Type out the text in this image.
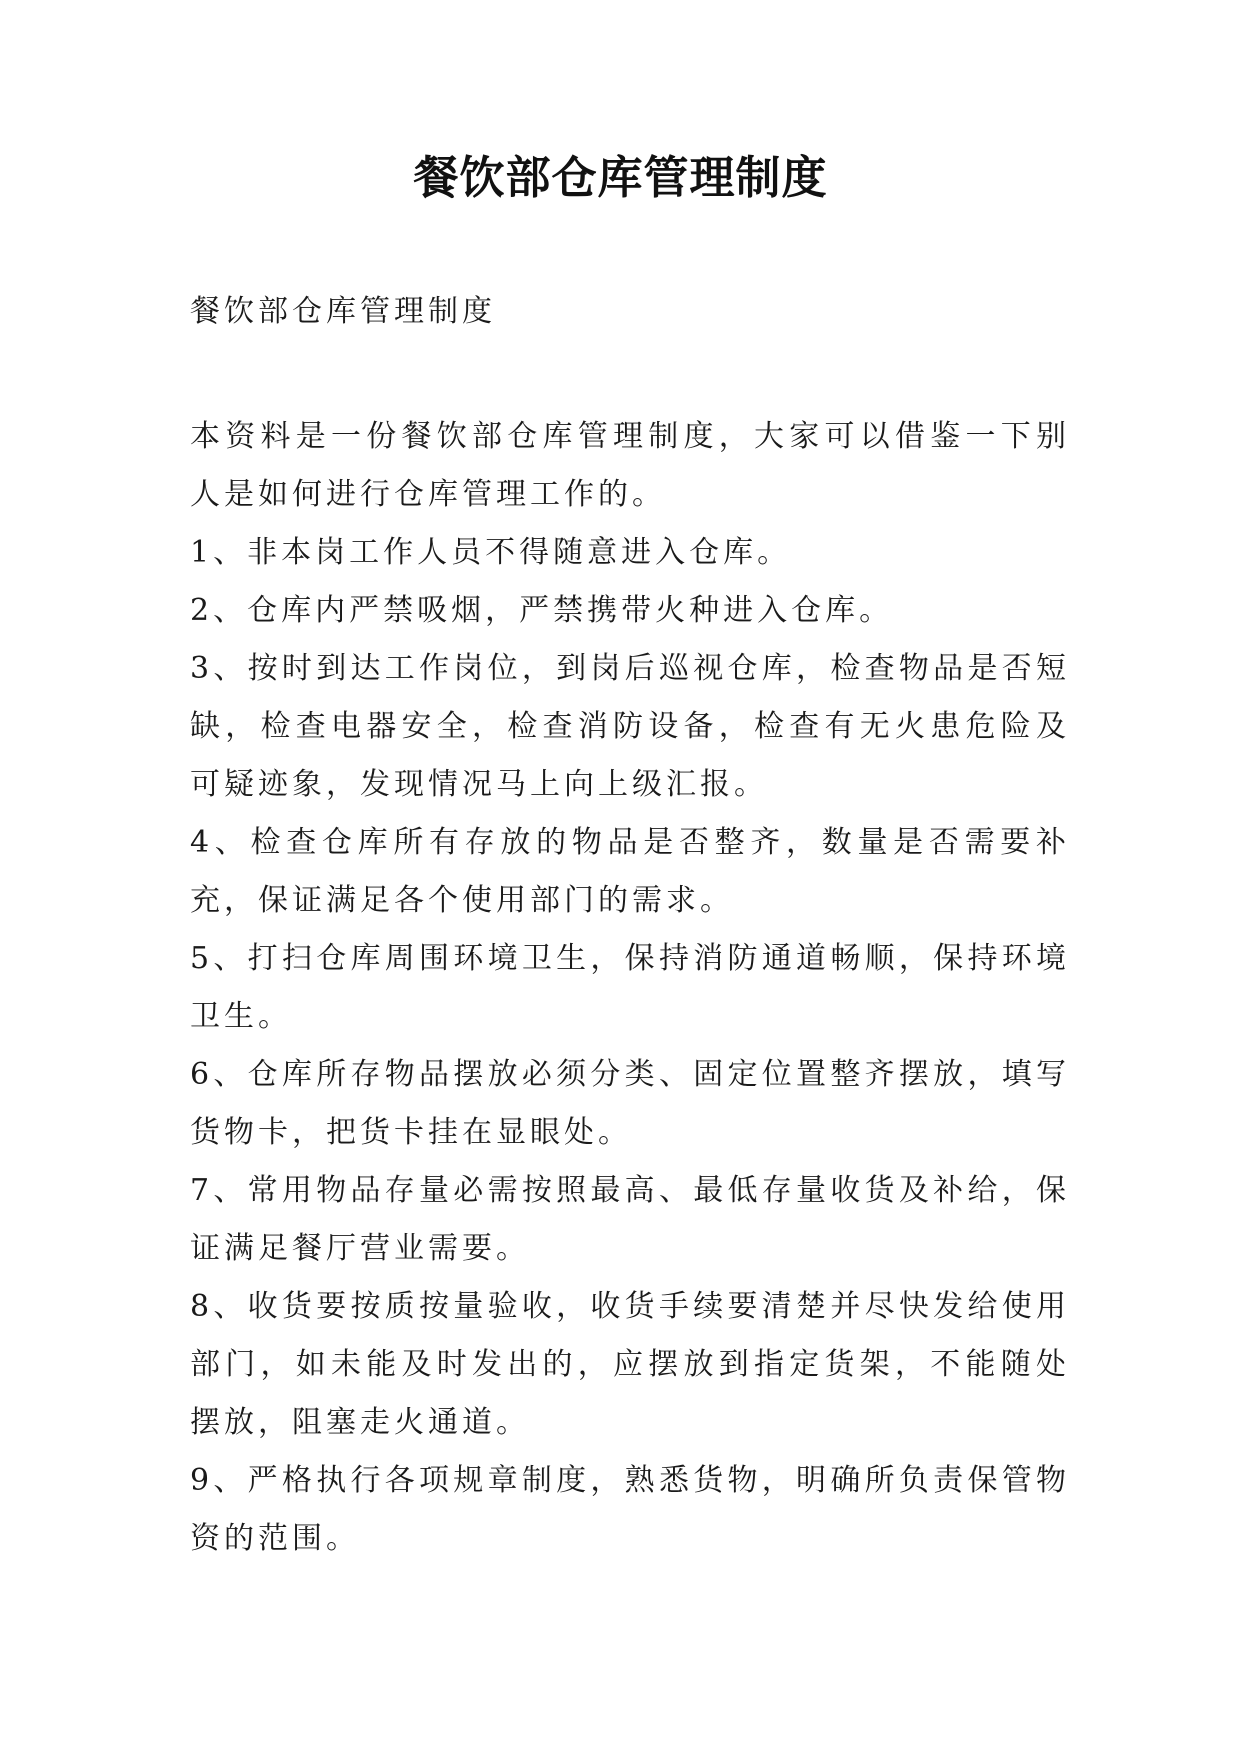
餐饮部仓库管理制度

餐饮部仓库管理制度

本资料是一份餐饮部仓库管理制度，大家可以借鉴一下别人是如何进行仓库管理工作的。

1、非本岗工作人员不得随意进入仓库。

2、仓库内严禁吸烟，严禁携带火种进入仓库。

3、按时到达工作岗位，到岗后巡视仓库，检查物品是否短缺，检查电器安全，检查消防设备，检查有无火患危险及可疑迹象，发现情况马上向上级汇报。

4、检查仓库所有存放的物品是否整齐，数量是否需要补充，保证满足各个使用部门的需求。

5、打扫仓库周围环境卫生，保持消防通道畅顺，保持环境卫生。

6、仓库所存物品摆放必须分类、固定位置整齐摆放，填写货物卡，把货卡挂在显眼处。

7、常用物品存量必需按照最高、最低存量收货及补给，保证满足餐厅营业需要。

8、收货要按质按量验收，收货手续要清楚并尽快发给使用部门，如未能及时发出的，应摆放到指定货架，不能随处摆放，阻塞走火通道。

9、严格执行各项规章制度，熟悉货物，明确所负责保管物资的范围。
